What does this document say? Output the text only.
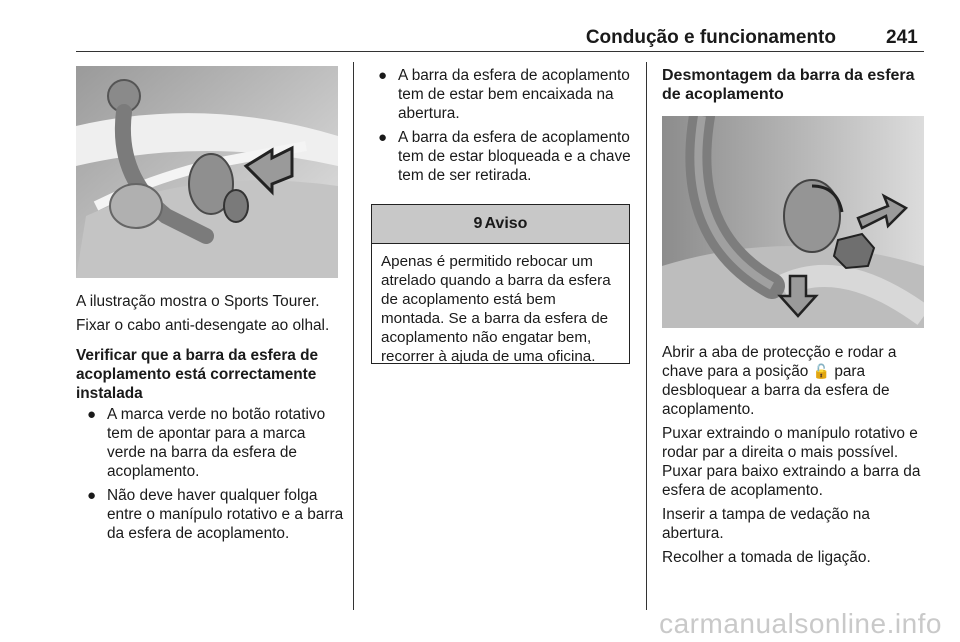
Condução e funcionamento	241

A ilustração mostra o Sports Tourer.

Fixar o cabo anti-desengate ao olhal.

Verificar que a barra da esfera de acoplamento está correctamente instalada

● A marca verde no botão rotativo tem de apontar para a marca verde na barra da esfera de acoplamento.
● Não deve haver qualquer folga entre o manípulo rotativo e a barra da esfera de acoplamento.
● A barra da esfera de acoplamento tem de estar bem encaixada na abertura.
● A barra da esfera de acoplamento tem de estar bloqueada e a chave tem de ser retirada.
9 Aviso
Apenas é permitido rebocar um atrelado quando a barra da esfera de acoplamento está bem montada. Se a barra da esfera de acoplamento não engatar bem, recorrer à ajuda de uma oficina.

Desmontagem da barra da esfera de acoplamento

Abrir a aba de protecção e rodar a chave para a posição 🔓 para desbloquear a barra da esfera de acoplamento.

Puxar extraindo o manípulo rotativo e rodar par a direita o mais possível. Puxar para baixo extraindo a barra da esfera de acoplamento.

Inserir a tampa de vedação na abertura.

Recolher a tomada de ligação.

carmanualsonline.info
